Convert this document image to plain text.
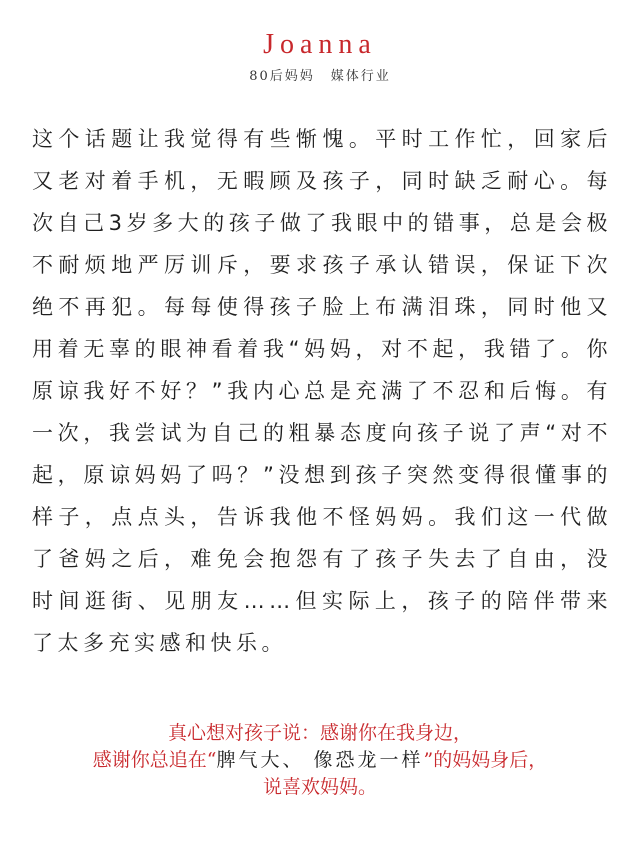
Joanna
80后妈妈 媒体行业

这个话题让我觉得有些惭愧。平时工作忙，回家后又老对着手机，无暇顾及孩子，同时缺乏耐心。每次自己3岁多大的孩子做了我眼中的错事，总是会极不耐烦地严厉训斥，要求孩子承认错误，保证下次绝不再犯。每每使得孩子脸上布满泪珠，同时他又用着无辜的眼神看着我“妈妈，对不起，我错了。你原谅我好不好？”我内心总是充满了不忍和后悔。有一次，我尝试为自己的粗暴态度向孩子说了声“对不起，原谅妈妈了吗？”没想到孩子突然变得很懂事的样子，点点头，告诉我他不怪妈妈。我们这一代做了爸妈之后，难免会抱怨有了孩子失去了自由，没时间逛街、见朋友……但实际上，孩子的陪伴带来了太多充实感和快乐。

真心想对孩子说：感谢你在我身边，
感谢你总追在“脾气大、 像恐龙一样”的妈妈身后，
说喜欢妈妈。
